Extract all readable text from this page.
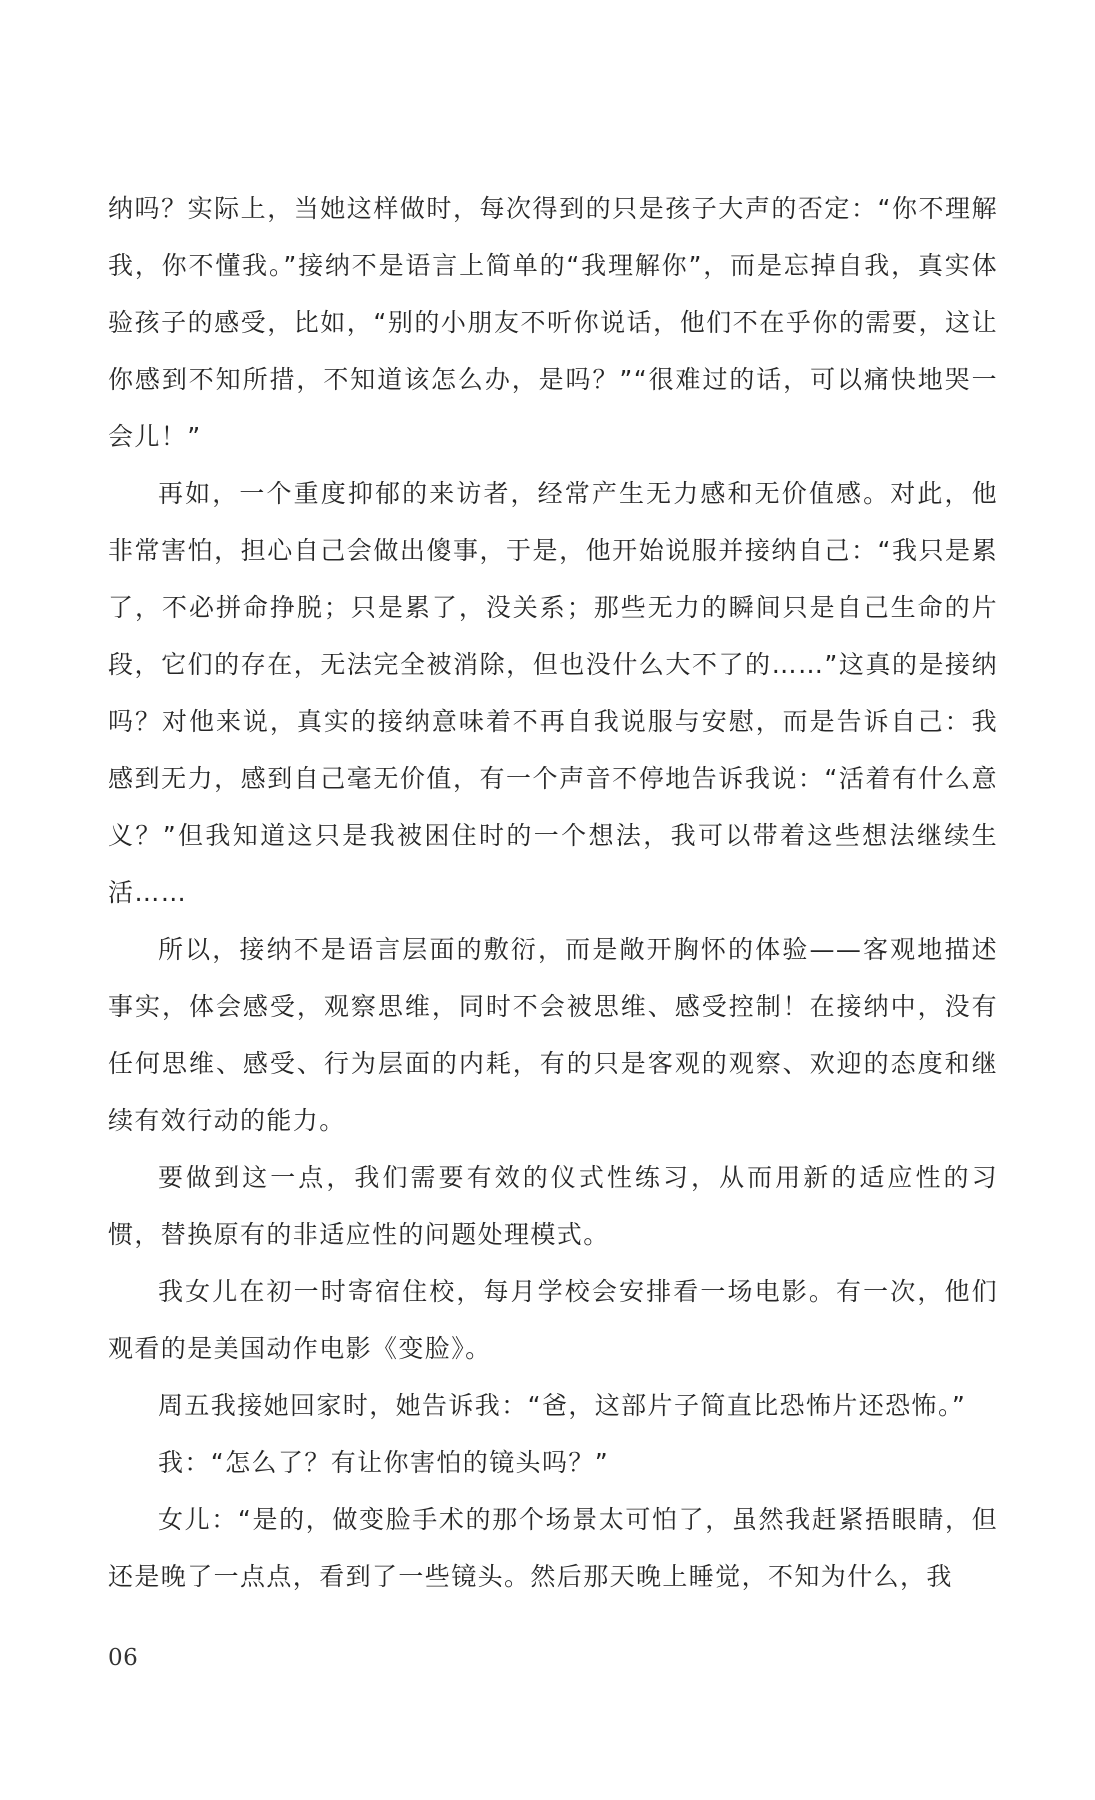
纳吗？实际上，当她这样做时，每次得到的只是孩子大声的否定：“你不理解我，你不懂我。”接纳不是语言上简单的“我理解你”，而是忘掉自我，真实体验孩子的感受，比如，“别的小朋友不听你说话，他们不在乎你的需要，这让你感到不知所措，不知道该怎么办，是吗？”“很难过的话，可以痛快地哭一会儿！”

再如，一个重度抑郁的来访者，经常产生无力感和无价值感。对此，他非常害怕，担心自己会做出傻事，于是，他开始说服并接纳自己：“我只是累了，不必拼命挣脱；只是累了，没关系；那些无力的瞬间只是自己生命的片段，它们的存在，无法完全被消除，但也没什么大不了的……”这真的是接纳吗？对他来说，真实的接纳意味着不再自我说服与安慰，而是告诉自己：我感到无力，感到自己毫无价值，有一个声音不停地告诉我说：“活着有什么意义？”但我知道这只是我被困住时的一个想法，我可以带着这些想法继续生活……

所以，接纳不是语言层面的敷衍，而是敞开胸怀的体验——客观地描述事实，体会感受，观察思维，同时不会被思维、感受控制！在接纳中，没有任何思维、感受、行为层面的内耗，有的只是客观的观察、欢迎的态度和继续有效行动的能力。

要做到这一点，我们需要有效的仪式性练习，从而用新的适应性的习惯，替换原有的非适应性的问题处理模式。

我女儿在初一时寄宿住校，每月学校会安排看一场电影。有一次，他们观看的是美国动作电影《变脸》。

周五我接她回家时，她告诉我：“爸，这部片子简直比恐怖片还恐怖。”

我：“怎么了？有让你害怕的镜头吗？”

女儿：“是的，做变脸手术的那个场景太可怕了，虽然我赶紧捂眼睛，但还是晚了一点点，看到了一些镜头。然后那天晚上睡觉，不知为什么，我

06
